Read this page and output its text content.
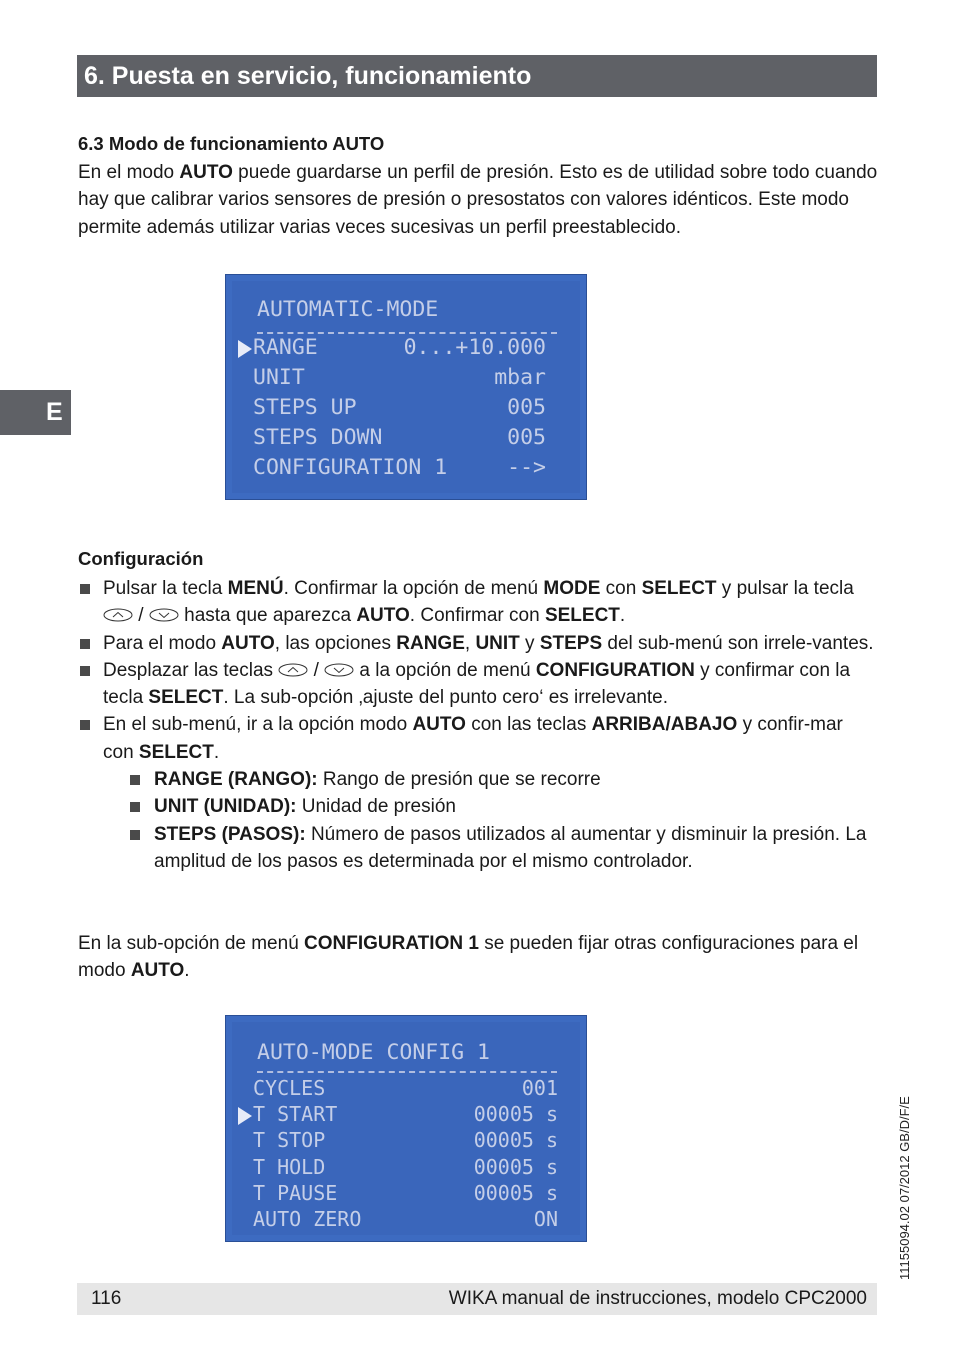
6. Puesta en servicio, funcionamiento
E
6.3 Modo de funcionamiento AUTO

En el modo AUTO puede guardarse un perfil de presión. Esto es de utilidad sobre todo cuando hay que calibrar varios sensores de presión o presostatos con valores idénticos. Este modo permite además utilizar varias veces sucesivas un perfil preestablecido.

AUTOMATIC-MODE
RANGE	0...+10.000
UNIT	mbar
STEPS UP	005
STEPS DOWN	005
CONFIGURATION 1	-->
Configuración
Pulsar la tecla MENÚ. Confirmar la opción de menú MODE con SELECT y pulsar la tecla  /  hasta que aparezca AUTO. Confirmar con SELECT.
Para el modo AUTO, las opciones RANGE, UNIT y STEPS del sub-menú son irrele-vantes.
Desplazar las teclas  /  a la opción de menú CONFIGURATION y confirmar con la tecla SELECT. La sub-opción ‚ajuste del punto cero‘ es irrelevante.
En el sub-menú, ir a la opción modo AUTO con las teclas ARRIBA/ABAJO y confir-mar con SELECT.
RANGE (RANGO): Rango de presión que se recorre
UNIT (UNIDAD): Unidad de presión
STEPS (PASOS): Número de pasos utilizados al aumentar y disminuir la presión. La amplitud de los pasos es determinada por el mismo controlador.

En la sub-opción de menú CONFIGURATION 1 se pueden fijar otras configuraciones para el modo AUTO.

AUTO-MODE CONFIG 1
CYCLES	001
T START	00005 s
T STOP	00005 s
T HOLD	00005 s
T PAUSE	00005 s
AUTO ZERO	ON
116	WIKA manual de instrucciones, modelo CPC2000
11155094.02 07/2012 GB/D/F/E
